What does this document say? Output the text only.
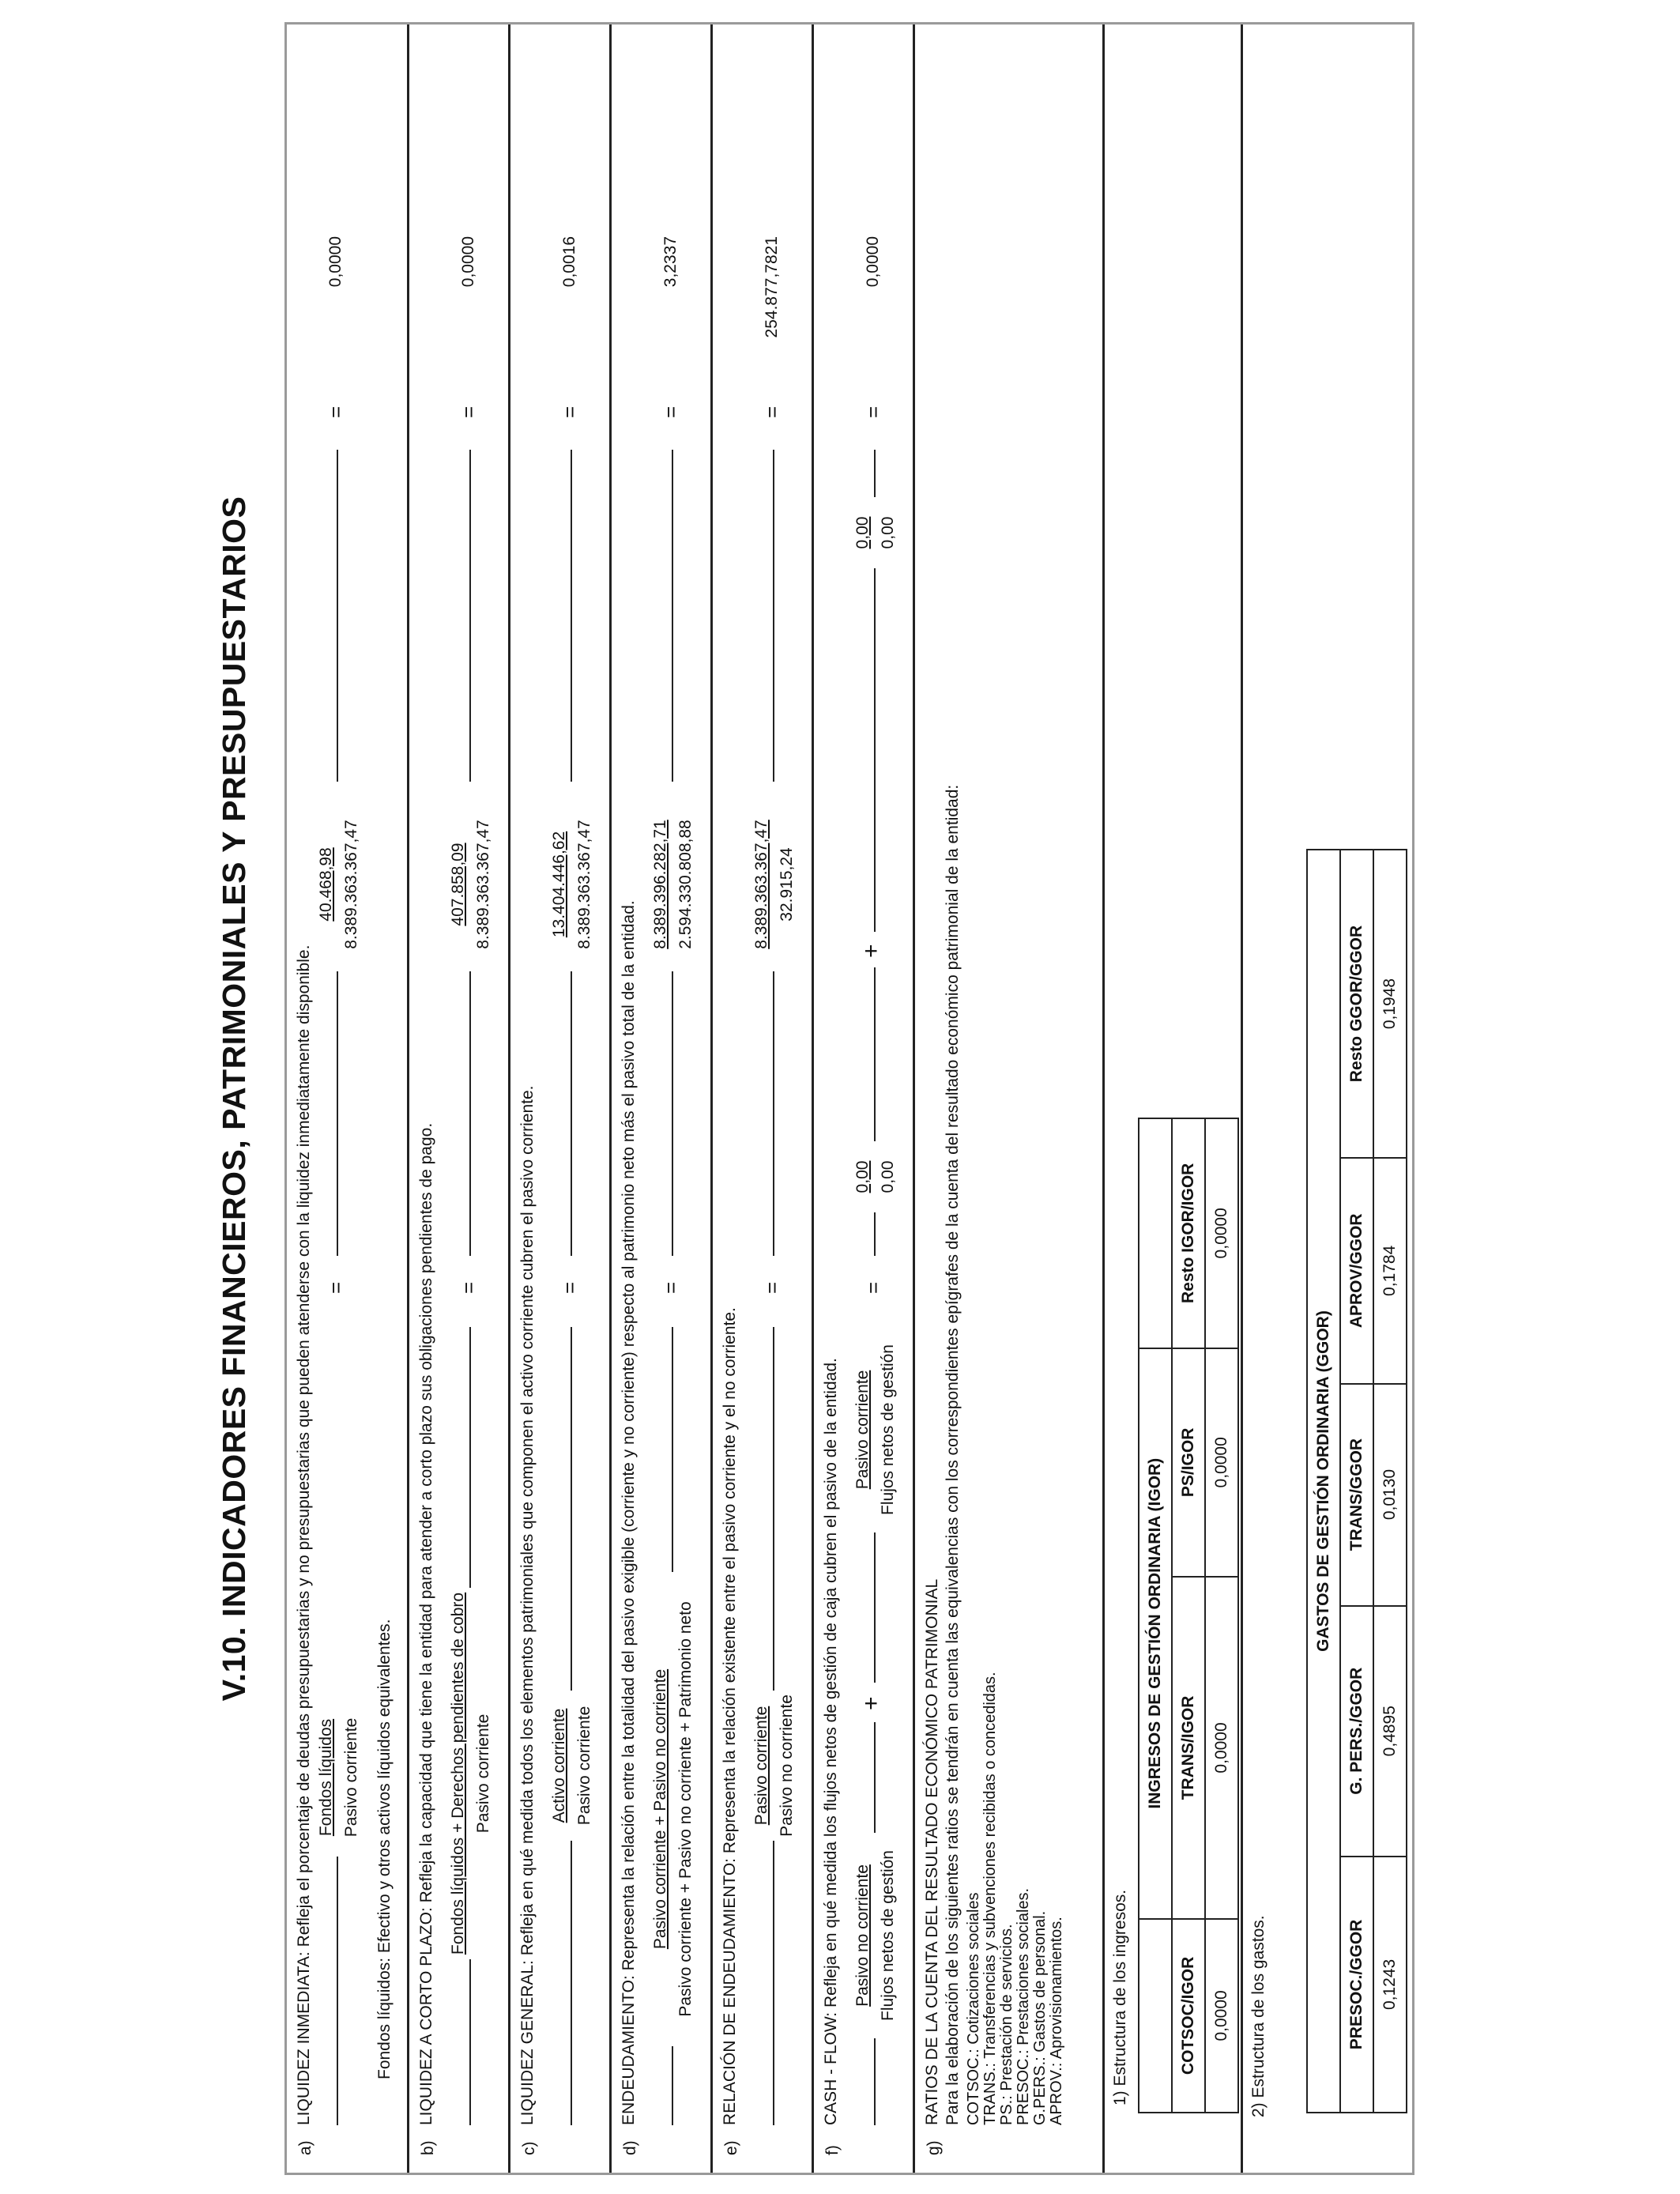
V.10. INDICADORES FINANCIEROS, PATRIMONIALES Y PRESUPUESTARIOS
a)
LIQUIDEZ INMEDIATA: Refleja el porcentaje de deudas presupuestarias y no presupuestarias que pueden atenderse con la liquidez inmediatamente disponible. Fondos líquidos Pasivo corriente
=
40.468,98 8.389.363.367,47
=
0,0000
Fondos líquidos: Efectivo y otros activos líquidos equivalentes.
b)
LIQUIDEZ A CORTO PLAZO: Refleja la capacidad que tiene la entidad para atender a corto plazo sus obligaciones pendientes de pago. Fondos líquidos + Derechos pendientes de cobro Pasivo corriente
=
407.858,09 8.389.363.367,47
=
0,0000
c)
LIQUIDEZ GENERAL: Refleja en qué medida todos los elementos patrimoniales que componen el activo corriente cubren el pasivo corriente. Activo corriente Pasivo corriente
=
13.404.446,62 8.389.363.367,47
=
0,0016
d)
ENDEUDAMIENTO: Representa la relación entre la totalidad del pasivo exigible (corriente y no corriente) respecto al patrimonio neto más el pasivo total de la entidad. Pasivo corriente + Pasivo no corriente Pasivo corriente + Pasivo no corriente + Patrimonio neto
=
8.389.396.282,71 2.594.330.808,88
=
3,2337
e)
RELACIÓN DE ENDEUDAMIENTO: Representa la relación existente entre el pasivo corriente y el no corriente. Pasivo corriente Pasivo no corriente
=
8.389.363.367,47 32.915,24
=
254.877,7821
f)
CASH - FLOW: Refleja en qué medida los flujos netos de gestión de caja cubren el pasivo de la entidad. Pasivo no corriente Flujos netos de gestión
+
Pasivo corriente Flujos netos de gestión
=
0,00 0,00
+
0,00 0,00
=
0,0000
g)
RATIOS DE LA CUENTA DEL RESULTADO ECONÓMICO PATRIMONIAL Para la elaboración de los siguientes ratios se tendrán en cuenta las equivalencias con los correspondientes epígrafes de la cuenta del resultado económico patrimonial de la entidad: COTSOC.: Cotizaciones sociales TRANS.: Transferencias y subvenciones recibidas o concedidas. PS.: Prestación de servicios. PRESOC.: Prestaciones sociales. G.PERS.: Gastos de personal. APROV.: Aprovisionamientos.	1) Estructura de los ingresos.
	INGRESOS DE GESTIÓN ORDINARIA (IGOR)		
COTSOC/IGOR	TRANS/IGOR	PS/IGOR	Resto IGOR/IGOR
0,0000	0,0000	0,0000	0,0000
2) Estructura de los gastos.
GASTOS DE GESTIÓN ORDINARIA (GGOR)				
PRESOC./GGOR	G. PERS./GGOR	TRANS/GGOR	APROV/GGOR	Resto GGOR/GGOR
0,1243	0,4895	0,0130	0,1784	0,1948
